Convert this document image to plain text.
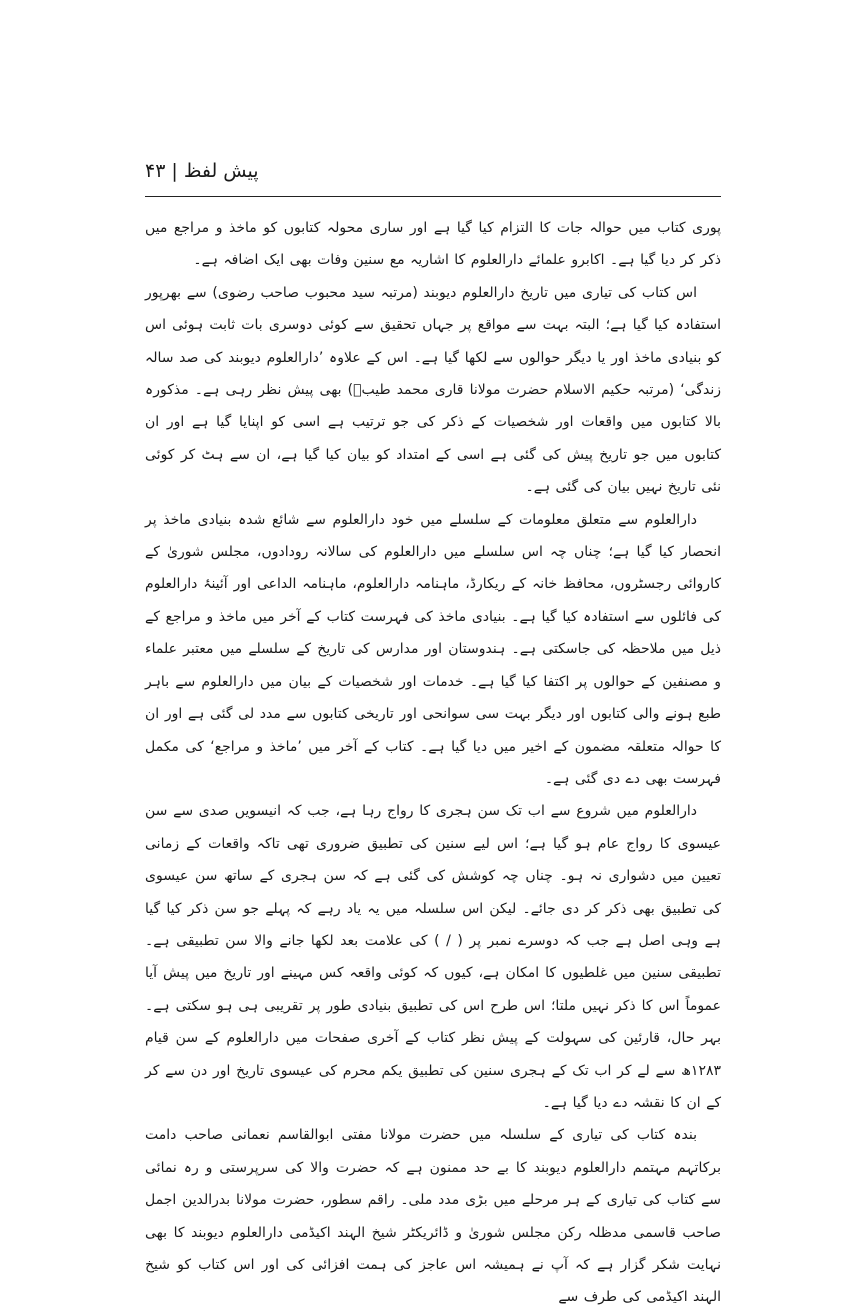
پیش لفظ|۴۳

پوری کتاب میں حوالہ جات کا التزام کیا گیا ہے اور ساری محولہ کتابوں کو ماخذ و مراجع میں ذکر کر دیا گیا ہے۔ اکابرو علمائے دارالعلوم کا اشاریہ مع سنین وفات بھی ایک اضافہ ہے۔

اس کتاب کی تیاری میں تاریخ دارالعلوم دیوبند (مرتبہ سید محبوب صاحب رضوی) سے بھرپور استفادہ کیا گیا ہے؛ البتہ بہت سے مواقع پر جہاں تحقیق سے کوئی دوسری بات ثابت ہوئی اس کو بنیادی ماخذ اور یا دیگر حوالوں سے لکھا گیا ہے۔ اس کے علاوہ ’دارالعلوم دیوبند کی صد سالہ زندگی‘ (مرتبہ حکیم الاسلام حضرت مولانا قاری محمد طیبؒ) بھی پیش نظر رہی ہے۔ مذکورہ بالا کتابوں میں واقعات اور شخصیات کے ذکر کی جو ترتیب ہے اسی کو اپنایا گیا ہے اور ان کتابوں میں جو تاریخ پیش کی گئی ہے اسی کے امتداد کو بیان کیا گیا ہے، ان سے ہٹ کر کوئی نئی تاریخ نہیں بیان کی گئی ہے۔

دارالعلوم سے متعلق معلومات کے سلسلے میں خود دارالعلوم سے شائع شدہ بنیادی ماخذ پر انحصار کیا گیا ہے؛ چناں چہ اس سلسلے میں دارالعلوم کی سالانہ رودادوں، مجلس شوریٰ کے کاروائی رجسٹروں، محافظ خانہ کے ریکارڈ، ماہنامہ دارالعلوم، ماہنامہ الداعی اور آئینۂ دارالعلوم کی فائلوں سے استفادہ کیا گیا ہے۔ بنیادی ماخذ کی فہرست کتاب کے آخر میں ماخذ و مراجع کے ذیل میں ملاحظہ کی جاسکتی ہے۔ ہندوستان اور مدارس کی تاریخ کے سلسلے میں معتبر علماء و مصنفین کے حوالوں پر اکتفا کیا گیا ہے۔ خدمات اور شخصیات کے بیان میں دارالعلوم سے باہر طبع ہونے والی کتابوں اور دیگر بہت سی سوانحی اور تاریخی کتابوں سے مدد لی گئی ہے اور ان کا حوالہ متعلقہ مضمون کے اخیر میں دیا گیا ہے۔ کتاب کے آخر میں ’ماخذ و مراجع‘ کی مکمل فہرست بھی دے دی گئی ہے۔

دارالعلوم میں شروع سے اب تک سن ہجری کا رواج رہا ہے، جب کہ انیسویں صدی سے سن عیسوی کا رواج عام ہو گیا ہے؛ اس لیے سنین کی تطبیق ضروری تھی تاکہ واقعات کے زمانی تعیین میں دشواری نہ ہو۔ چناں چہ کوشش کی گئی ہے کہ سن ہجری کے ساتھ سن عیسوی کی تطبیق بھی ذکر کر دی جائے۔ لیکن اس سلسلہ میں یہ یاد رہے کہ پہلے جو سن ذکر کیا گیا ہے وہی اصل ہے جب کہ دوسرے نمبر پر ( / ) کی علامت بعد لکھا جانے والا سن تطبیقی ہے۔ تطبیقی سنین میں غلطیوں کا امکان ہے، کیوں کہ کوئی واقعہ کس مہینے اور تاریخ میں پیش آیا عموماً اس کا ذکر نہیں ملتا؛ اس طرح اس کی تطبیق بنیادی طور پر تقریبی ہی ہو سکتی ہے۔ بہر حال، قارئین کی سہولت کے پیش نظر کتاب کے آخری صفحات میں دارالعلوم کے سن قیام ۱۲۸۳ھ سے لے کر اب تک کے ہجری سنین کی تطبیق یکم محرم کی عیسوی تاریخ اور دن سے کر کے ان کا نقشہ دے دیا گیا ہے۔

بندہ کتاب کی تیاری کے سلسلہ میں حضرت مولانا مفتی ابوالقاسم نعمانی صاحب دامت برکاتہم مہتمم دارالعلوم دیوبند کا بے حد ممنون ہے کہ حضرت والا کی سرپرستی و رہ نمائی سے کتاب کی تیاری کے ہر مرحلے میں بڑی مدد ملی۔ راقم سطور، حضرت مولانا بدرالدین اجمل صاحب قاسمی مدظلہ رکن مجلس شوریٰ و ڈائریکٹر شیخ الہند اکیڈمی دارالعلوم دیوبند کا بھی نہایت شکر گزار ہے کہ آپ نے ہمیشہ اس عاجز کی ہمت افزائی کی اور اس کتاب کو شیخ الہند اکیڈمی کی طرف سے
